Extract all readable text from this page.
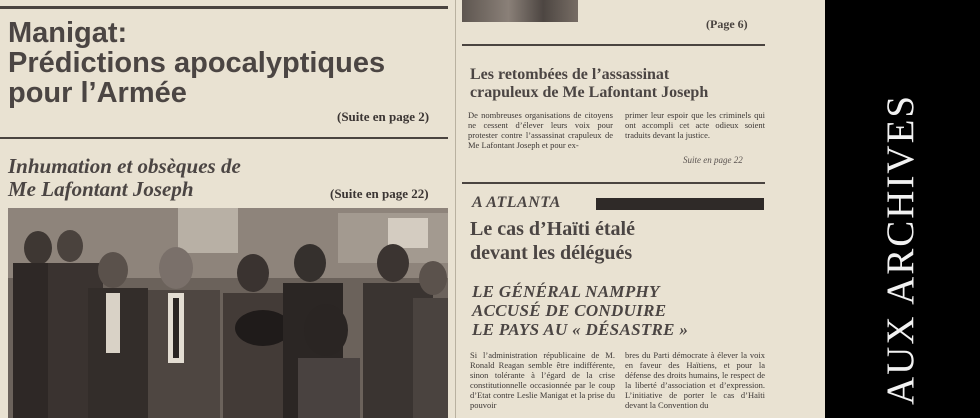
(Page 6)
Manigat:
Prédictions apocalyptiques
pour l’Armée
(Suite en page 2)
Inhumation et obsèques de
Me Lafontant Joseph	(Suite en page 22)
Les retombées de l’assassinat
crapuleux de Me Lafontant Joseph
De nombreuses organisations de citoyens ne cessent d’élever leurs voix pour protester contre l’assassinat crapuleux de Me Lafontant Joseph et pour ex-
primer leur espoir que les criminels qui ont accompli cet acte odieux soient traduits devant la justice.
Suite en page 22
A ATLANTA
Le cas d’Haïti étalé
devant les délégués
LE GÉNÉRAL NAMPHY
ACCUSÉ DE CONDUIRE
LE PAYS AU « DÉSASTRE »
Si l’administration républicaine de M. Ronald Reagan semble être indifférente, sinon tolérante à l’égard de la crise constitutionnelle occasionnée par le coup d’Etat contre Leslie Manigat et la prise du pouvoir
bres du Parti démocrate à élever la voix en faveur des Haïtiens, et pour la défense des droits humains, le respect de la liberté d’association et d’expression. L’initiative de porter le cas d’Haïti devant la Convention du	AUX ARCHIVES
